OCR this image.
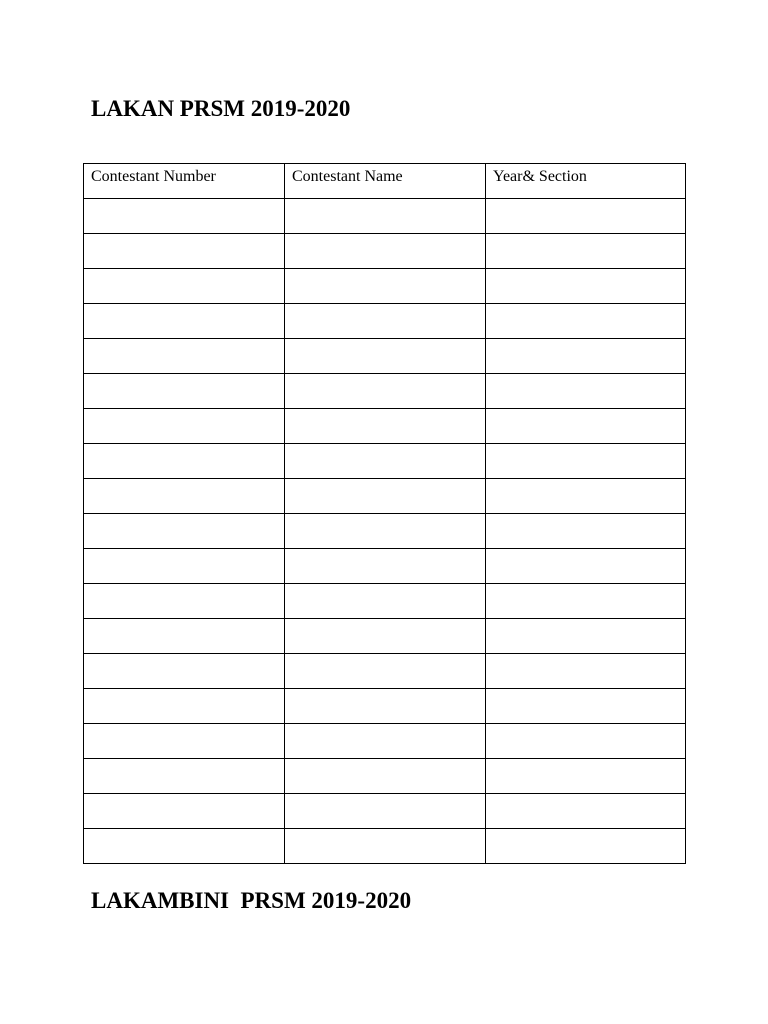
LAKAN PRSM 2019-2020
Contestant Number	Contestant Name	Year& Section

LAKAMBINI  PRSM 2019-2020
